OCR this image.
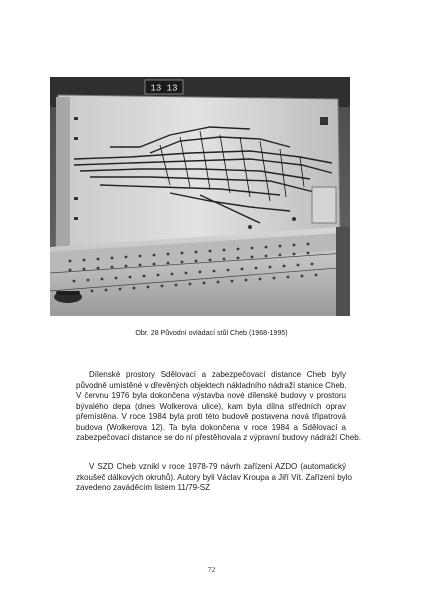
13 13
Obr. 28 Původní ovládací stůl Cheb (1968-1995)
Dílenské prostory Sdělovací a zabezpečovací distance Cheb byly
původně umístěné v dřevěných objektech nákladního nádraží stanice Cheb.
V červnu 1976 byla dokončena výstavba nové dílenské budovy v prostoru
bývalého depa (dnes Wolkerova ulice), kam byla dílna středních oprav
přemístěna. V roce 1984 byla proti této budově postavena nová třípatrová
budova (Wolkerova 12). Ta byla dokončena v roce 1984 a Sdělovací a
zabezpečovací distance se do ní přestěhovala z výpravní budovy nádraží Cheb.
V SZD Cheb vznikl v roce 1978-79 návrh zařízení AZDO (automatický
zkoušeč dálkových okruhů). Autory byli Václav Kroupa a Jiří Vít. Zařízení bylo
zavedeno zaváděcím listem 11/79-SZ
72
